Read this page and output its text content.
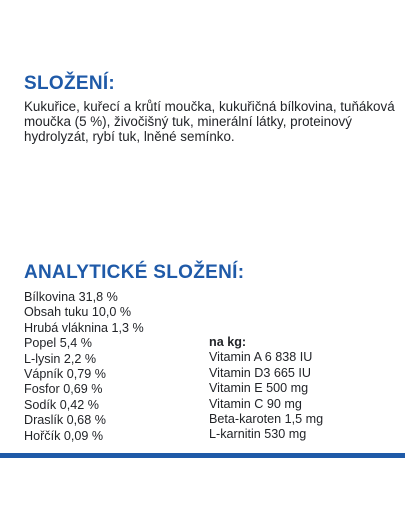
SLOŽENÍ:

Kukuřice, kuřecí a krůtí moučka, kukuřičná bílkovina, tuňáková moučka (5 %), živočišný tuk, minerální látky, proteinový hydrolyzát, rybí tuk, lněné semínko.

ANALYTICKÉ SLOŽENÍ:
Bílkovina 31,8 %
Obsah tuku 10,0 %
Hrubá vláknina 1,3 %
Popel 5,4 %
L-lysin 2,2 %
Vápník 0,79 %
Fosfor 0,69 %
Sodík 0,42 %
Draslík 0,68 %
Hořčík 0,09 %
na kg:
Vitamin A 6 838 IU
Vitamin D3 665 IU
Vitamin E 500 mg
Vitamin C 90 mg
Beta-karoten 1,5 mg
L-karnitin 530 mg
